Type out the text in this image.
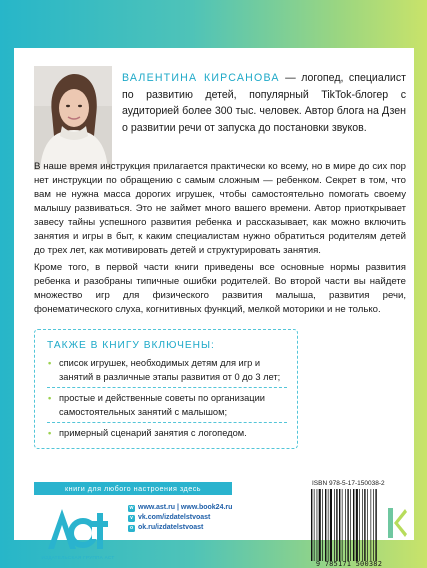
ВАЛЕНТИНА КИРСАНОВА — логопед, специалист по развитию детей, популярный TikTok-блогер с аудиторией более 300 тыс. человек. Автор блога на Дзен о развитии речи от запуска до постановки звуков.

В наше время инструкция прилагается практически ко всему, но в мире до сих пор нет инструкции по обращению с самым сложным — ребенком. Секрет в том, что вам не нужна масса дорогих игрушек, чтобы самостоятельно помогать своему малышу развиваться. Это не займет много вашего времени. Автор приоткрывает завесу тайны успешного развития ребенка и рассказывает, как можно включить занятия и игры в быт, к каким специалистам нужно обратиться родителям детей до трех лет, как мотивировать детей и структурировать занятия.

Кроме того, в первой части книги приведены все основные нормы развития ребенка и разобраны типичные ошибки родителей. Во второй части вы найдете множество игр для физического развития малыша, развития речи, фонематического слуха, когнитивных функций, мелкой моторики и не только.

ТАКЖЕ В КНИГУ ВКЛЮЧЕНЫ:
• список игрушек, необходимых детям для игр и занятий в различные этапы развития от 0 до 3 лет;
• простые и действенные советы по организации самостоятельных занятий с малышом;
• примерный сценарий занятия с логопедом.
книги для любого настроения здесь
ИЗДАТЕЛЬСКАЯ ГРУППА АСТ
w www.ast.ru | www.book24.ru
v vk.com/izdatelstvoast
o ok.ru/izdatelstvoast
ISBN 978-5-17-150038-2
9 785171 500382
